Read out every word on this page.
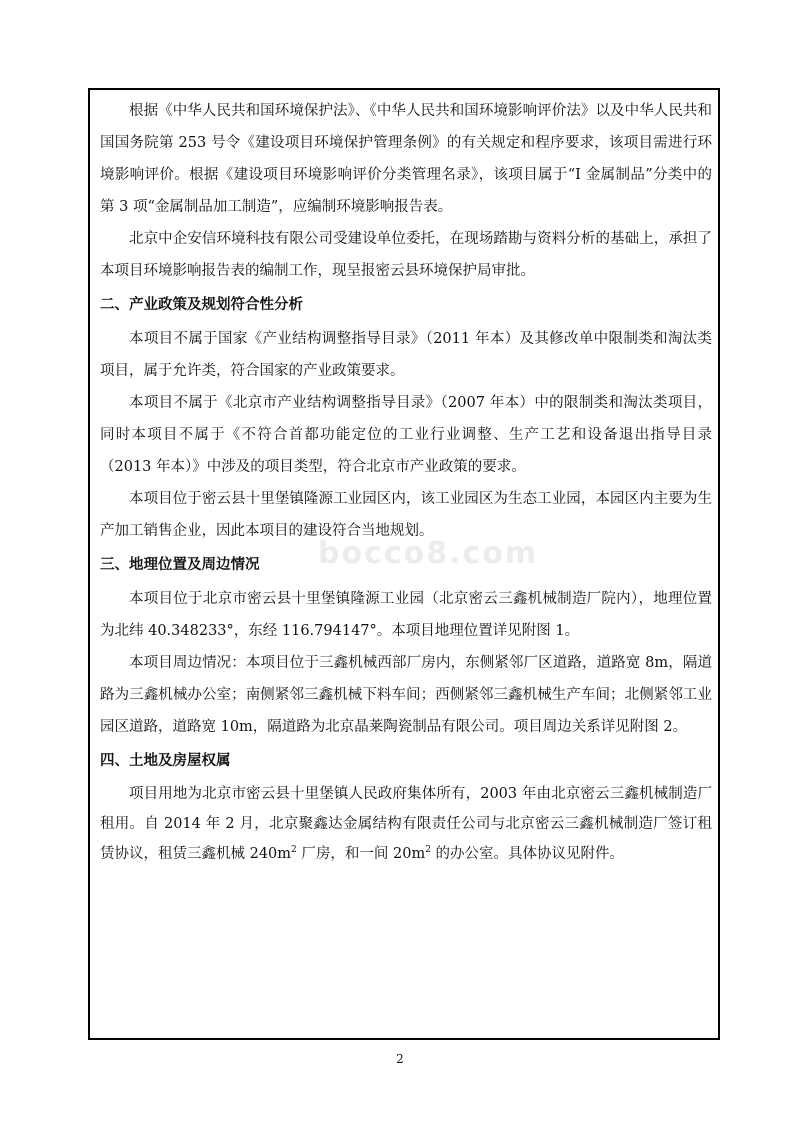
bocco8.com

根据《中华人民共和国环境保护法》、《中华人民共和国环境影响评价法》以及中华人民共和国国务院第 253 号令《建设项目环境保护管理条例》的有关规定和程序要求，该项目需进行环境影响评价。根据《建设项目环境影响评价分类管理名录》，该项目属于“I 金属制品”分类中的第 3 项“金属制品加工制造”，应编制环境影响报告表。

北京中企安信环境科技有限公司受建设单位委托，在现场踏勘与资料分析的基础上，承担了本项目环境影响报告表的编制工作，现呈报密云县环境保护局审批。

二、产业政策及规划符合性分析

本项目不属于国家《产业结构调整指导目录》（2011 年本）及其修改单中限制类和淘汰类项目，属于允许类，符合国家的产业政策要求。

本项目不属于《北京市产业结构调整指导目录》（2007 年本）中的限制类和淘汰类项目，同时本项目不属于《不符合首都功能定位的工业行业调整、生产工艺和设备退出指导目录（2013 年本）》中涉及的项目类型，符合北京市产业政策的要求。

本项目位于密云县十里堡镇隆源工业园区内，该工业园区为生态工业园，本园区内主要为生产加工销售企业，因此本项目的建设符合当地规划。

三、地理位置及周边情况

本项目位于北京市密云县十里堡镇隆源工业园（北京密云三鑫机械制造厂院内），地理位置为北纬 40.348233°，东经 116.794147°。本项目地理位置详见附图 1。

本项目周边情况：本项目位于三鑫机械西部厂房内，东侧紧邻厂区道路，道路宽 8m，隔道路为三鑫机械办公室；南侧紧邻三鑫机械下料车间；西侧紧邻三鑫机械生产车间；北侧紧邻工业园区道路，道路宽 10m，隔道路为北京晶莱陶瓷制品有限公司。项目周边关系详见附图 2。

四、土地及房屋权属

项目用地为北京市密云县十里堡镇人民政府集体所有，2003 年由北京密云三鑫机械制造厂租用。自 2014 年 2 月，北京聚鑫达金属结构有限责任公司与北京密云三鑫机械制造厂签订租赁协议，租赁三鑫机械 $240m^2$ 厂房，和一间 $20m^2$ 的办公室。具体协议见附件。

2
